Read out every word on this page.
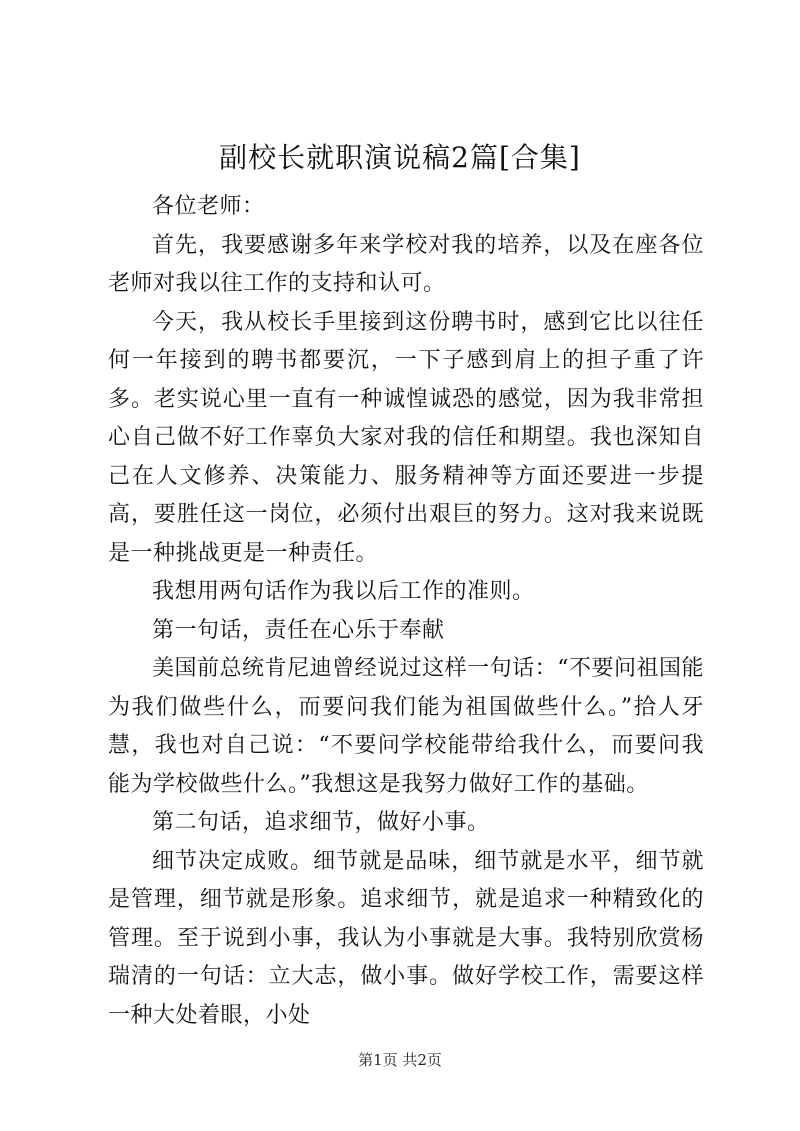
副校长就职演说稿2篇[合集]

各位老师：

首先，我要感谢多年来学校对我的培养，以及在座各位老师对我以往工作的支持和认可。

今天，我从校长手里接到这份聘书时，感到它比以往任何一年接到的聘书都要沉，一下子感到肩上的担子重了许多。老实说心里一直有一种诚惶诚恐的感觉，因为我非常担心自己做不好工作辜负大家对我的信任和期望。我也深知自己在人文修养、决策能力、服务精神等方面还要进一步提高，要胜任这一岗位，必须付出艰巨的努力。这对我来说既是一种挑战更是一种责任。

我想用两句话作为我以后工作的准则。

第一句话，责任在心乐于奉献

美国前总统肯尼迪曾经说过这样一句话：“不要问祖国能为我们做些什么，而要问我们能为祖国做些什么。”拾人牙慧，我也对自己说：“不要问学校能带给我什么，而要问我能为学校做些什么。”我想这是我努力做好工作的基础。

第二句话，追求细节，做好小事。

细节决定成败。细节就是品味，细节就是水平，细节就是管理，细节就是形象。追求细节，就是追求一种精致化的管理。至于说到小事，我认为小事就是大事。我特别欣赏杨瑞清的一句话：立大志，做小事。做好学校工作，需要这样一种大处着眼，小处

第1页 共2页
